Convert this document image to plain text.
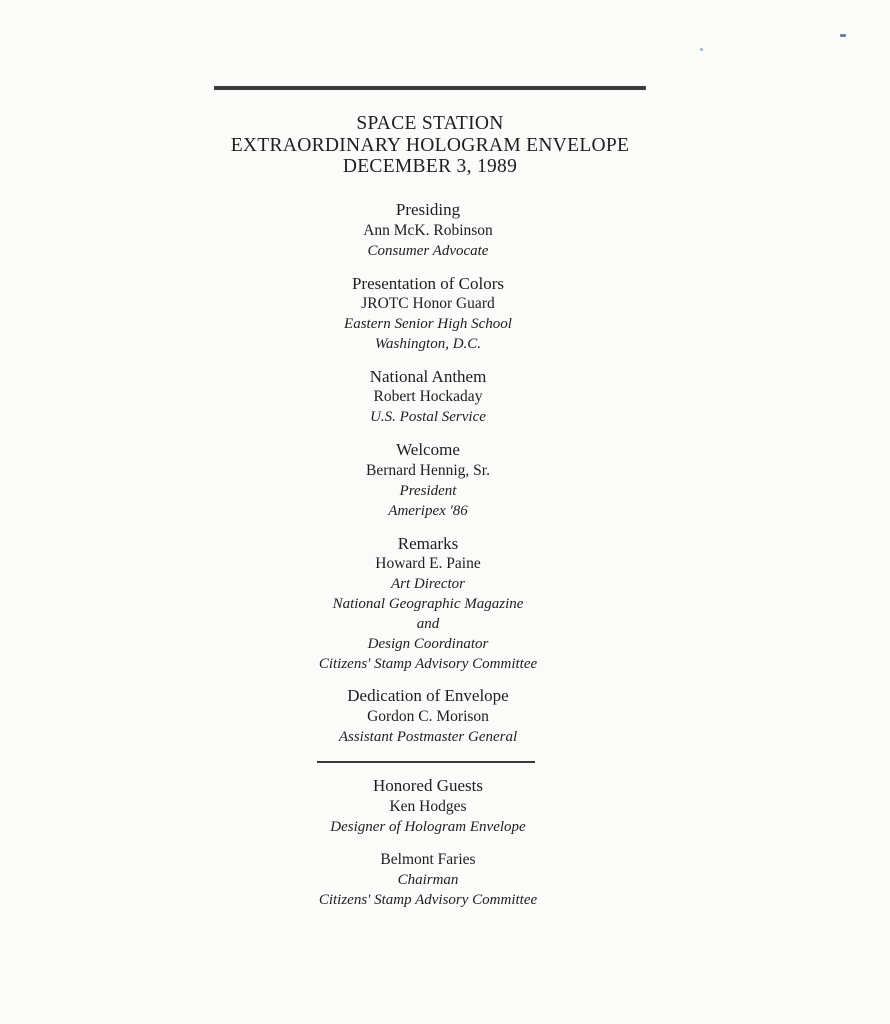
SPACE STATION
EXTRAORDINARY HOLOGRAM ENVELOPE
DECEMBER 3, 1989
Presiding
Ann McK. Robinson
Consumer Advocate
Presentation of Colors
JROTC Honor Guard
Eastern Senior High School
Washington, D.C.
National Anthem
Robert Hockaday
U.S. Postal Service
Welcome
Bernard Hennig, Sr.
President
Ameripex '86
Remarks
Howard E. Paine
Art Director
National Geographic Magazine
and
Design Coordinator
Citizens' Stamp Advisory Committee
Dedication of Envelope
Gordon C. Morison
Assistant Postmaster General
Honored Guests
Ken Hodges
Designer of Hologram Envelope
Belmont Faries
Chairman
Citizens' Stamp Advisory Committee
